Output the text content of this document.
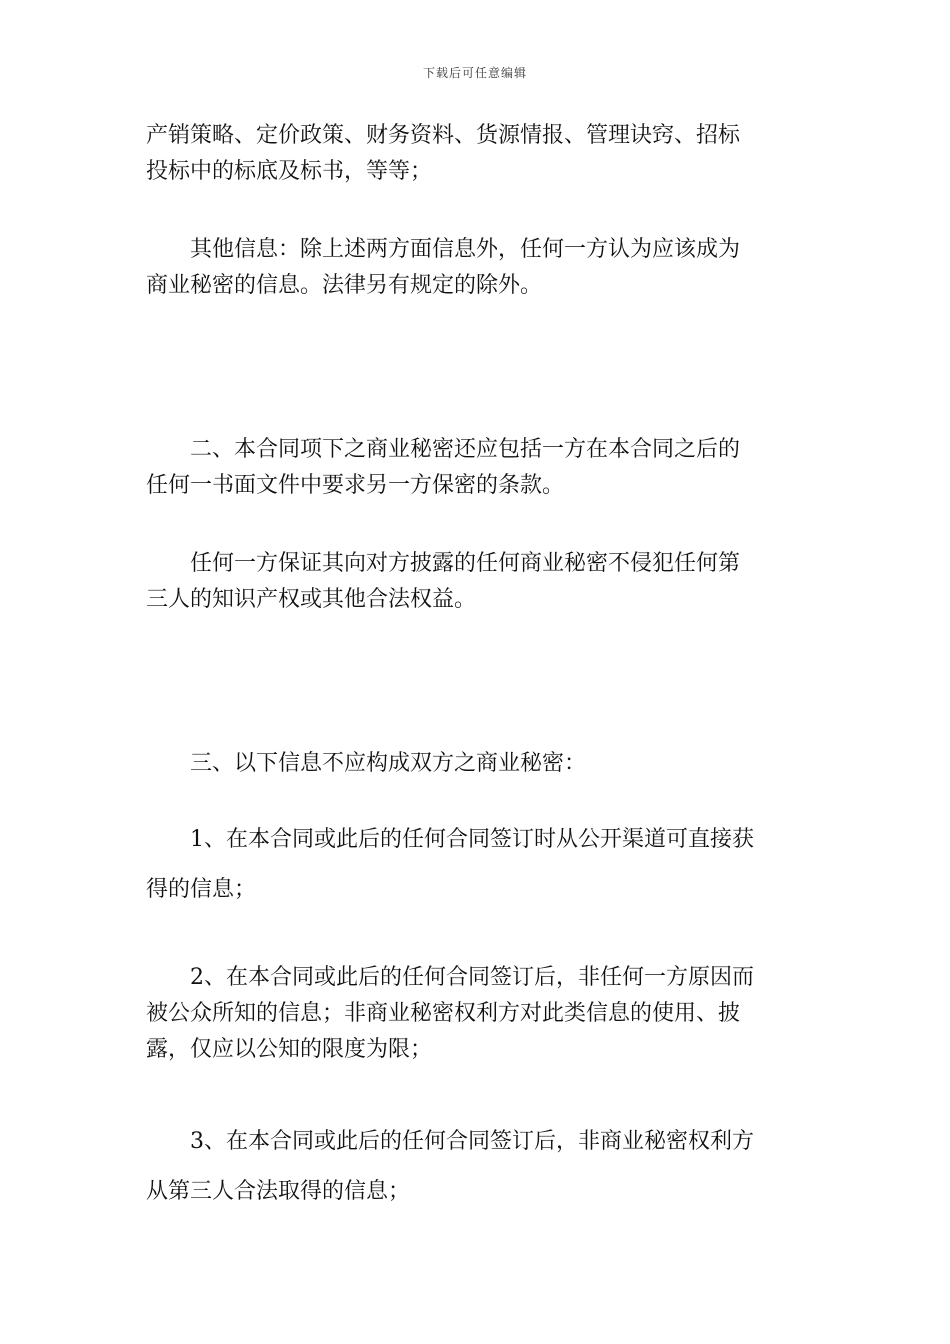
下载后可任意编辑
产销策略、定价政策、财务资料、货源情报、管理诀窍、招标
投标中的标底及标书，等等；
　　其他信息：除上述两方面信息外，任何一方认为应该成为
商业秘密的信息。法律另有规定的除外。
　　二、本合同项下之商业秘密还应包括一方在本合同之后的
任何一书面文件中要求另一方保密的条款。
　　任何一方保证其向对方披露的任何商业秘密不侵犯任何第
三人的知识产权或其他合法权益。
　　三、以下信息不应构成双方之商业秘密：
　　1、在本合同或此后的任何合同签订时从公开渠道可直接获
得的信息；
　　2、在本合同或此后的任何合同签订后，非任何一方原因而
被公众所知的信息；非商业秘密权利方对此类信息的使用、披
露，仅应以公知的限度为限；
　　3、在本合同或此后的任何合同签订后，非商业秘密权利方
从第三人合法取得的信息；
